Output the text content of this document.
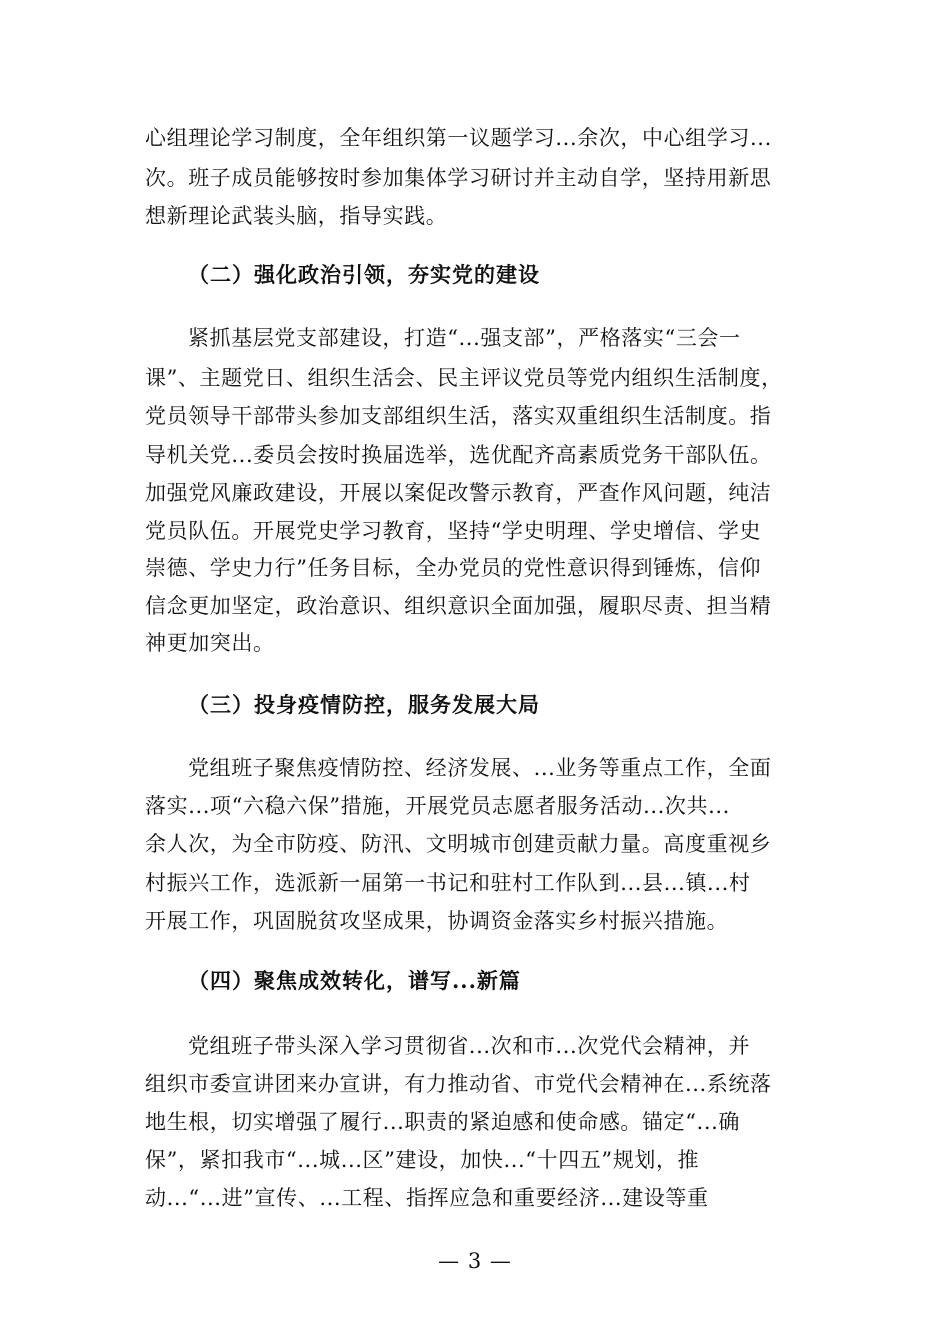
心组理论学习制度，全年组织第一议题学习...余次，中心组学习...
次。班子成员能够按时参加集体学习研讨并主动自学，坚持用新思
想新理论武装头脑，指导实践。
（二）强化政治引领，夯实党的建设
紧抓基层党支部建设，打造“...强支部”，严格落实“三会一
课”、主题党日、组织生活会、民主评议党员等党内组织生活制度，
党员领导干部带头参加支部组织生活，落实双重组织生活制度。指
导机关党...委员会按时换届选举，选优配齐高素质党务干部队伍。
加强党风廉政建设，开展以案促改警示教育，严查作风问题，纯洁
党员队伍。开展党史学习教育，坚持“学史明理、学史增信、学史
崇德、学史力行”任务目标，全办党员的党性意识得到锤炼，信仰
信念更加坚定，政治意识、组织意识全面加强，履职尽责、担当精
神更加突出。
（三）投身疫情防控，服务发展大局
党组班子聚焦疫情防控、经济发展、...业务等重点工作，全面
落实...项“六稳六保”措施，开展党员志愿者服务活动...次共...
余人次，为全市防疫、防汛、文明城市创建贡献力量。高度重视乡
村振兴工作，选派新一届第一书记和驻村工作队到...县...镇...村
开展工作，巩固脱贫攻坚成果，协调资金落实乡村振兴措施。
（四）聚焦成效转化，谱写...新篇
党组班子带头深入学习贯彻省...次和市...次党代会精神，并
组织市委宣讲团来办宣讲，有力推动省、市党代会精神在...系统落
地生根，切实增强了履行...职责的紧迫感和使命感。锚定“...确
保”，紧扣我市“...城...区”建设，加快...“十四五”规划，推
动...“...进”宣传、...工程、指挥应急和重要经济...建设等重
— 3 —
